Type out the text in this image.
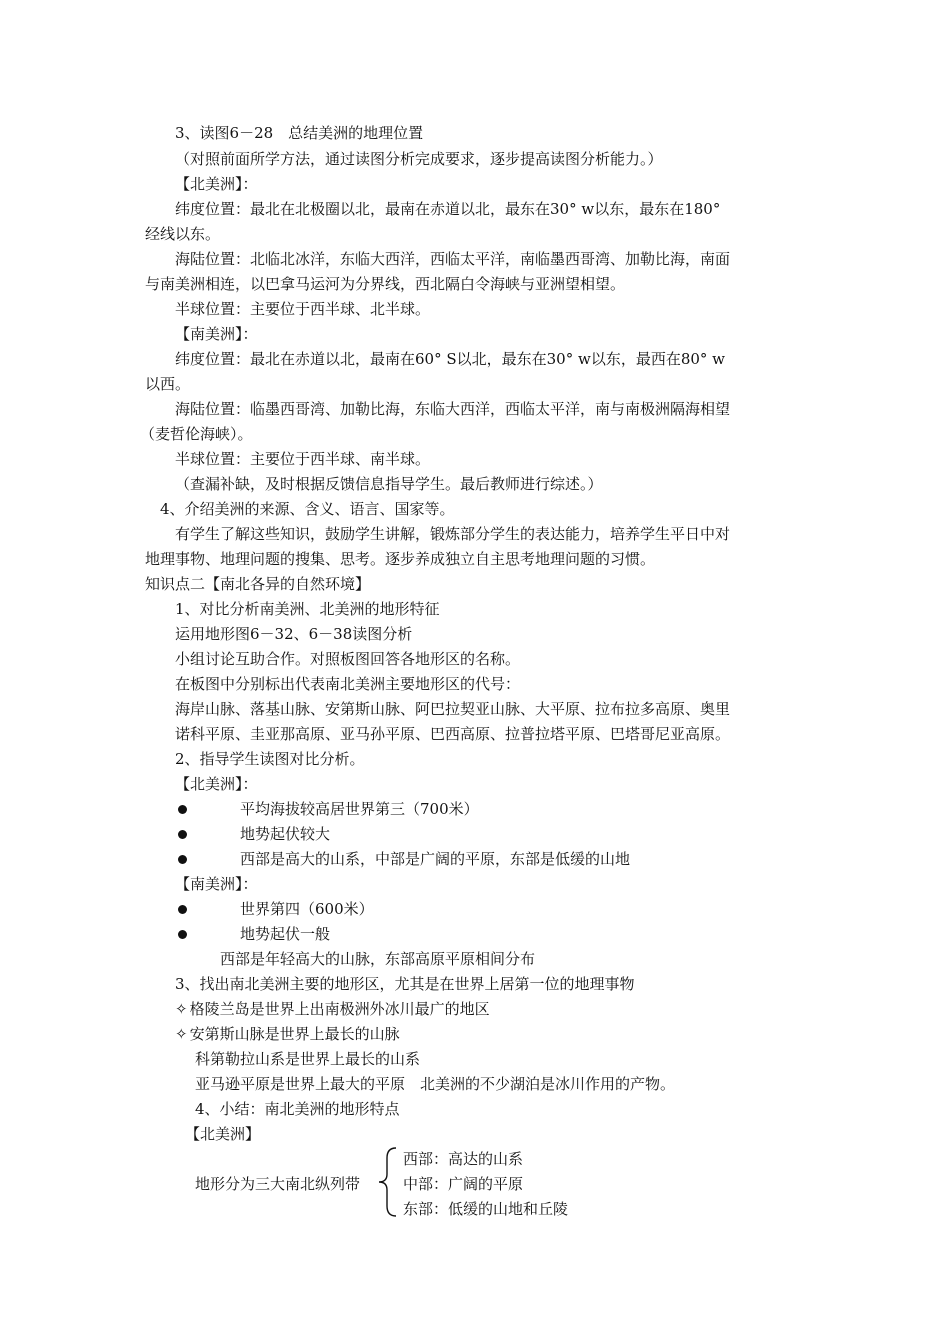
3、读图6－28　总结美洲的地理位置
（对照前面所学方法，通过读图分析完成要求，逐步提高读图分析能力。）
【北美洲】：
纬度位置：最北在北极圈以北，最南在赤道以北，最东在30° w以东，最东在180°
经线以东。
海陆位置：北临北冰洋，东临大西洋，西临太平洋，南临墨西哥湾、加勒比海，南面
与南美洲相连，以巴拿马运河为分界线，西北隔白令海峡与亚洲望相望。
半球位置：主要位于西半球、北半球。
【南美洲】：
纬度位置：最北在赤道以北，最南在60° S以北，最东在30° w以东，最西在80° w
以西。
海陆位置：临墨西哥湾、加勒比海，东临大西洋，西临太平洋，南与南极洲隔海相望
（麦哲伦海峡）。
半球位置：主要位于西半球、南半球。
（查漏补缺，及时根据反馈信息指导学生。最后教师进行综述。）
4、介绍美洲的来源、含义、语言、国家等。
有学生了解这些知识，鼓励学生讲解，锻炼部分学生的表达能力，培养学生平日中对
地理事物、地理问题的搜集、思考。逐步养成独立自主思考地理问题的习惯。
知识点二【南北各异的自然环境】
1、对比分析南美洲、北美洲的地形特征
运用地形图6－32、6－38读图分析
小组讨论互助合作。对照板图回答各地形区的名称。
在板图中分别标出代表南北美洲主要地形区的代号：
海岸山脉、落基山脉、安第斯山脉、阿巴拉契亚山脉、大平原、拉布拉多高原、奥里
诺科平原、圭亚那高原、亚马孙平原、巴西高原、拉普拉塔平原、巴塔哥尼亚高原。
2、指导学生读图对比分析。
【北美洲】：
平均海拔较高居世界第三（700米）
地势起伏较大
西部是高大的山系，中部是广阔的平原，东部是低缓的山地
【南美洲】：
世界第四（600米）
地势起伏一般
西部是年轻高大的山脉，东部高原平原相间分布
3、找出南北美洲主要的地形区，尤其是在世界上居第一位的地理事物
✧ 格陵兰岛是世界上出南极洲外冰川最广的地区
✧ 安第斯山脉是世界上最长的山脉
科第勒拉山系是世界上最长的山系
亚马逊平原是世界上最大的平原　北美洲的不少湖泊是冰川作用的产物。
4、小结：南北美洲的地形特点
【北美洲】
地形分为三大南北纵列带
西部：高达的山系
中部：广阔的平原
东部：低缓的山地和丘陵
